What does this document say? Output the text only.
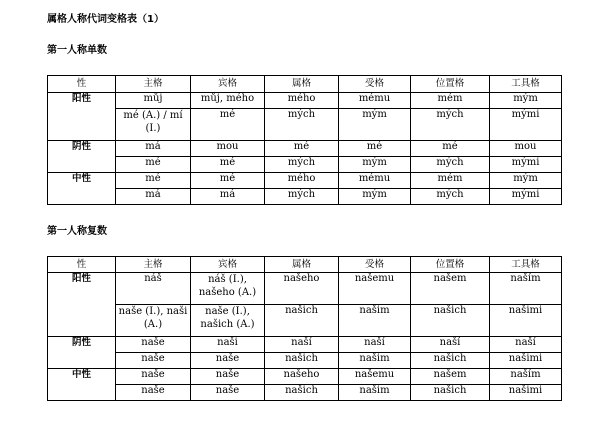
属格人称代词变格表（1）
第一人称单数
性	主格	宾格	属格	受格	位置格	工具格
阳性	můj	můj, mého	mého	mému	mém	mým
	mé (A.) / mí (I.)	mé	mých	mým	mých	mými
阴性	má	mou	mé	mé	mé	mou
	mé	mé	mých	mým	mých	mými
中性	mé	mé	mého	mému	mém	mým
	má	má	mých	mým	mých	mými
第一人称复数
性	主格	宾格	属格	受格	位置格	工具格
阳性	náš	náš (I.), našeho (A.)	našeho	našemu	našem	naším
	naše (I.), naši (A.)	naše (I.), našich (A.)	našich	našim	našich	našimi
阴性	naše	naši	naší	naší	naší	naší
	naše	naše	našich	našim	našich	našimi
中性	naše	naše	našeho	našemu	našem	naším
	naše	naše	našich	našim	našich	našimi
